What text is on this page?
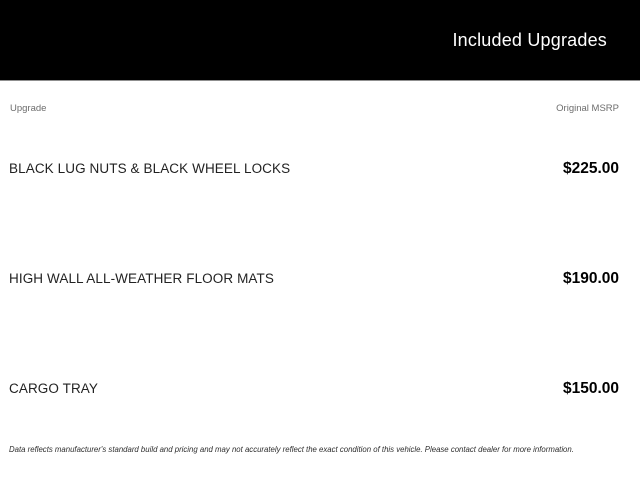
Included Upgrades
Upgrade	Original MSRP
BLACK LUG NUTS & BLACK WHEEL LOCKS	$225.00
HIGH WALL ALL-WEATHER FLOOR MATS	$190.00
CARGO TRAY	$150.00
Data reflects manufacturer's standard build and pricing and may not accurately reflect the exact condition of this vehicle. Please contact dealer for more information.
